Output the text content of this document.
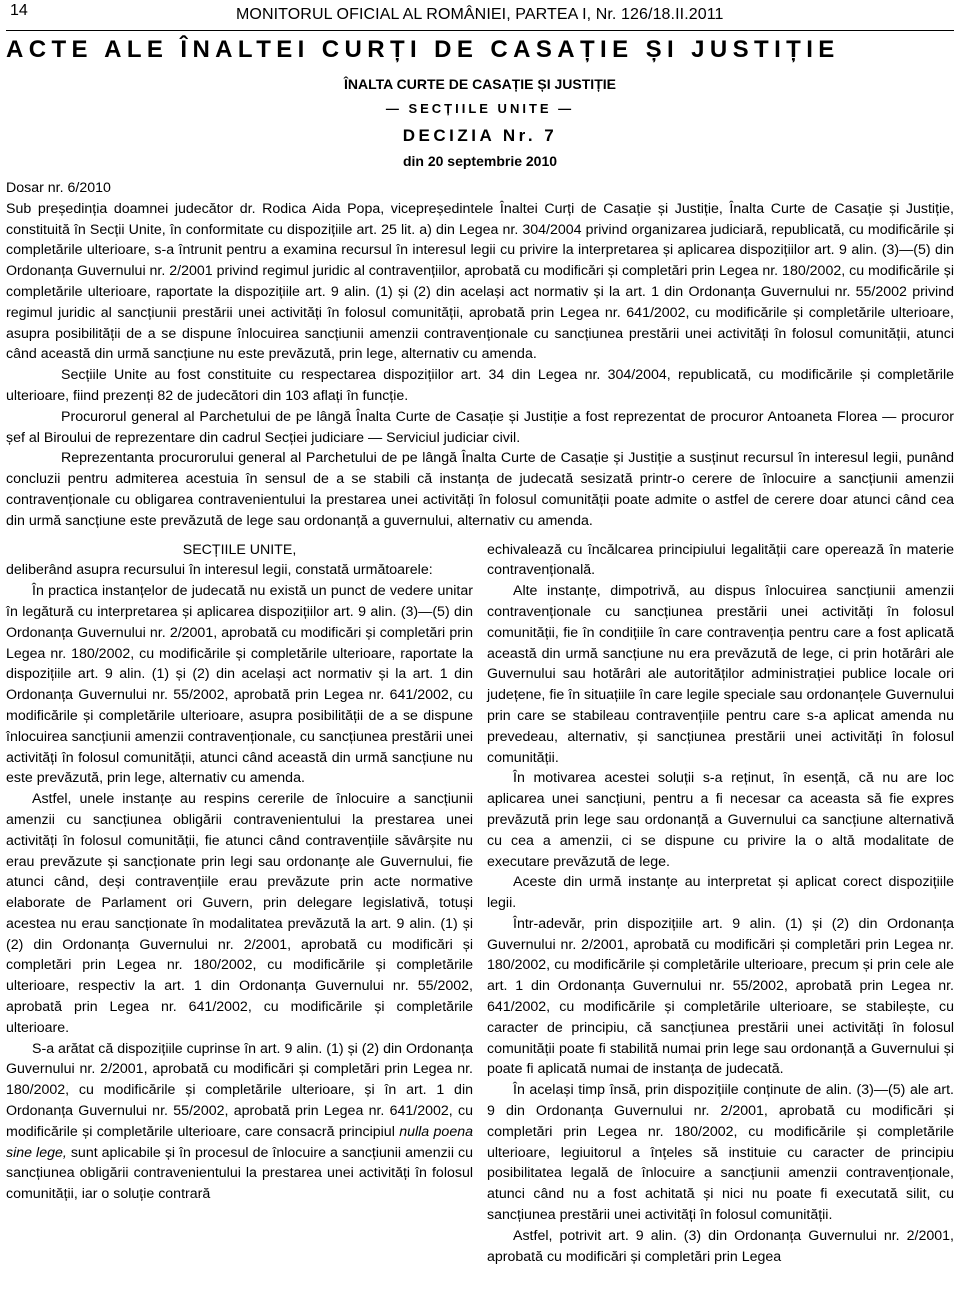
14	MONITORUL OFICIAL AL ROMÂNIEI, PARTEA I, Nr. 126/18.II.2011
ACTE ALE ÎNALTEI CURȚI DE CASAȚIE ȘI JUSTIȚIE
ÎNALTA CURTE DE CASAȚIE ȘI JUSTIȚIE
— SECȚIILE UNITE —
DECIZIA Nr. 7
din 20 septembrie 2010

Dosar nr. 6/2010

Sub președinția doamnei judecător dr. Rodica Aida Popa, vicepreședintele Înaltei Curți de Casație și Justiție, Înalta Curte de Casație și Justiție, constituită în Secții Unite, în conformitate cu dispozițiile art. 25 lit. a) din Legea nr. 304/2004 privind organizarea judiciară, republicată, cu modificările și completările ulterioare, s-a întrunit pentru a examina recursul în interesul legii cu privire la interpretarea și aplicarea dispozițiilor art. 9 alin. (3)—(5) din Ordonanța Guvernului nr. 2/2001 privind regimul juridic al contravențiilor, aprobată cu modificări și completări prin Legea nr. 180/2002, cu modificările și completările ulterioare, raportate la dispozițiile art. 9 alin. (1) și (2) din același act normativ și la art. 1 din Ordonanța Guvernului nr. 55/2002 privind regimul juridic al sancțiunii prestării unei activități în folosul comunității, aprobată prin Legea nr. 641/2002, cu modificările și completările ulterioare, asupra posibilității de a se dispune înlocuirea sancțiunii amenzii contravenționale cu sancțiunea prestării unei activități în folosul comunității, atunci când această din urmă sancțiune nu este prevăzută, prin lege, alternativ cu amenda.

Secțiile Unite au fost constituite cu respectarea dispozițiilor art. 34 din Legea nr. 304/2004, republicată, cu modificările și completările ulterioare, fiind prezenți 82 de judecători din 103 aflați în funcție.

Procurorul general al Parchetului de pe lângă Înalta Curte de Casație și Justiție a fost reprezentat de procuror Antoaneta Florea — procuror șef al Biroului de reprezentare din cadrul Secției judiciare — Serviciul judiciar civil.

Reprezentanta procurorului general al Parchetului de pe lângă Înalta Curte de Casație și Justiție a susținut recursul în interesul legii, punând concluzii pentru admiterea acestuia în sensul de a se stabili că instanța de judecată sesizată printr-o cerere de înlocuire a sancțiunii amenzii contravenționale cu obligarea contravenientului la prestarea unei activități în folosul comunității poate admite o astfel de cerere doar atunci când cea din urmă sancțiune este prevăzută de lege sau ordonanță a guvernului, alternativ cu amenda.

SECȚIILE UNITE,

deliberând asupra recursului în interesul legii, constată următoarele:

În practica instanțelor de judecată nu există un punct de vedere unitar în legătură cu interpretarea și aplicarea dispozițiilor art. 9 alin. (3)—(5) din Ordonanța Guvernului nr. 2/2001, aprobată cu modificări și completări prin Legea nr. 180/2002, cu modificările și completările ulterioare, raportate la dispozițiile art. 9 alin. (1) și (2) din același act normativ și la art. 1 din Ordonanța Guvernului nr. 55/2002, aprobată prin Legea nr. 641/2002, cu modificările și completările ulterioare, asupra posibilității de a se dispune înlocuirea sancțiunii amenzii contravenționale, cu sancțiunea prestării unei activități în folosul comunității, atunci când această din urmă sancțiune nu este prevăzută, prin lege, alternativ cu amenda.

Astfel, unele instanțe au respins cererile de înlocuire a sancțiunii amenzii cu sancțiunea obligării contravenientului la prestarea unei activități în folosul comunității, fie atunci când contravențiile săvârșite nu erau prevăzute și sancționate prin legi sau ordonanțe ale Guvernului, fie atunci când, deși contravențiile erau prevăzute prin acte normative elaborate de Parlament ori Guvern, prin delegare legislativă, totuși acestea nu erau sancționate în modalitatea prevăzută la art. 9 alin. (1) și (2) din Ordonanța Guvernului nr. 2/2001, aprobată cu modificări și completări prin Legea nr. 180/2002, cu modificările și completările ulterioare, respectiv la art. 1 din Ordonanța Guvernului nr. 55/2002, aprobată prin Legea nr. 641/2002, cu modificările și completările ulterioare.

S-a arătat că dispozițiile cuprinse în art. 9 alin. (1) și (2) din Ordonanța Guvernului nr. 2/2001, aprobată cu modificări și completări prin Legea nr. 180/2002, cu modificările și completările ulterioare, și în art. 1 din Ordonanța Guvernului nr. 55/2002, aprobată prin Legea nr. 641/2002, cu modificările și completările ulterioare, care consacră principiul nulla poena sine lege, sunt aplicabile și în procesul de înlocuire a sancțiunii amenzii cu sancțiunea obligării contravenientului la prestarea unei activități în folosul comunității, iar o soluție contrară

echivalează cu încălcarea principiului legalității care operează în materie contravențională.

Alte instanțe, dimpotrivă, au dispus înlocuirea sancțiunii amenzii contravenționale cu sancțiunea prestării unei activități în folosul comunității, fie în condițiile în care contravenția pentru care a fost aplicată această din urmă sancțiune nu era prevăzută de lege, ci prin hotărâri ale Guvernului sau hotărâri ale autorităților administrației publice locale ori județene, fie în situațiile în care legile speciale sau ordonanțele Guvernului prin care se stabileau contravențiile pentru care s-a aplicat amenda nu prevedeau, alternativ, și sancțiunea prestării unei activități în folosul comunității.

În motivarea acestei soluții s-a reținut, în esență, că nu are loc aplicarea unei sancțiuni, pentru a fi necesar ca aceasta să fie expres prevăzută prin lege sau ordonanță a Guvernului ca sancțiune alternativă cu cea a amenzii, ci se dispune cu privire la o altă modalitate de executare prevăzută de lege.

Aceste din urmă instanțe au interpretat și aplicat corect dispozițiile legii.

Într-adevăr, prin dispozițiile art. 9 alin. (1) și (2) din Ordonanța Guvernului nr. 2/2001, aprobată cu modificări și completări prin Legea nr. 180/2002, cu modificările și completările ulterioare, precum și prin cele ale art. 1 din Ordonanța Guvernului nr. 55/2002, aprobată prin Legea nr. 641/2002, cu modificările și completările ulterioare, se stabilește, cu caracter de principiu, că sancțiunea prestării unei activități în folosul comunității poate fi stabilită numai prin lege sau ordonanță a Guvernului și poate fi aplicată numai de instanța de judecată.

În același timp însă, prin dispozițiile conținute de alin. (3)—(5) ale art. 9 din Ordonanța Guvernului nr. 2/2001, aprobată cu modificări și completări prin Legea nr. 180/2002, cu modificările și completările ulterioare, legiuitorul a înțeles să instituie cu caracter de principiu posibilitatea legală de înlocuire a sancțiunii amenzii contravenționale, atunci când nu a fost achitată și nici nu poate fi executată silit, cu sancțiunea prestării unei activități în folosul comunității.

Astfel, potrivit art. 9 alin. (3) din Ordonanța Guvernului nr. 2/2001, aprobată cu modificări și completări prin Legea
